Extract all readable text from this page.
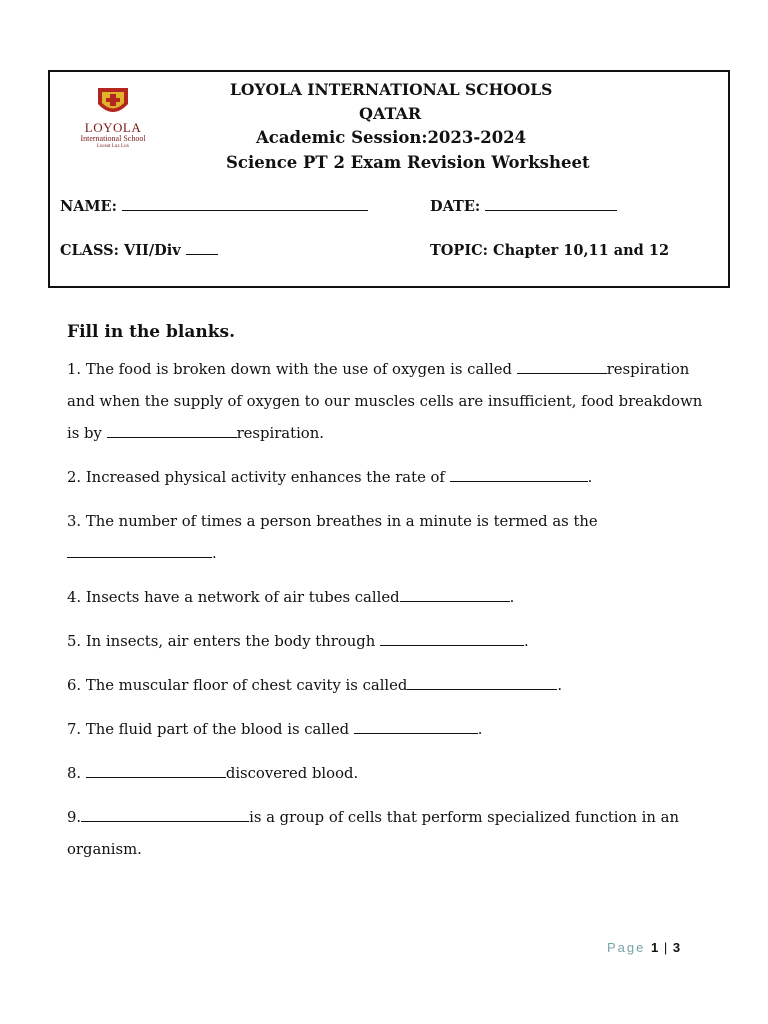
LOYOLA
International School
Luceat Lux Lux
LOYOLA INTERNATIONAL SCHOOLS
QATAR
Academic Session:2023-2024
Science PT 2 Exam Revision Worksheet
NAME:	DATE:
CLASS: VII/Div	TOPIC: Chapter 10,11 and 12
Fill in the blanks.
1. The food is broken down with the use of oxygen is called	respiration and when the supply of oxygen to our muscles cells are insufficient, food breakdown is by	respiration.
2. Increased physical activity enhances the rate of	.
3. The number of times a person breathes in a minute is termed as the
.
4. Insects have a network of air tubes called	.
5. In insects, air enters the body through	.
6. The muscular floor of chest cavity is called	.
7. The fluid part of the blood is called	.
8.	discovered blood.
9.	is a group of cells that perform specialized function in an organism.
Page 1 | 3
